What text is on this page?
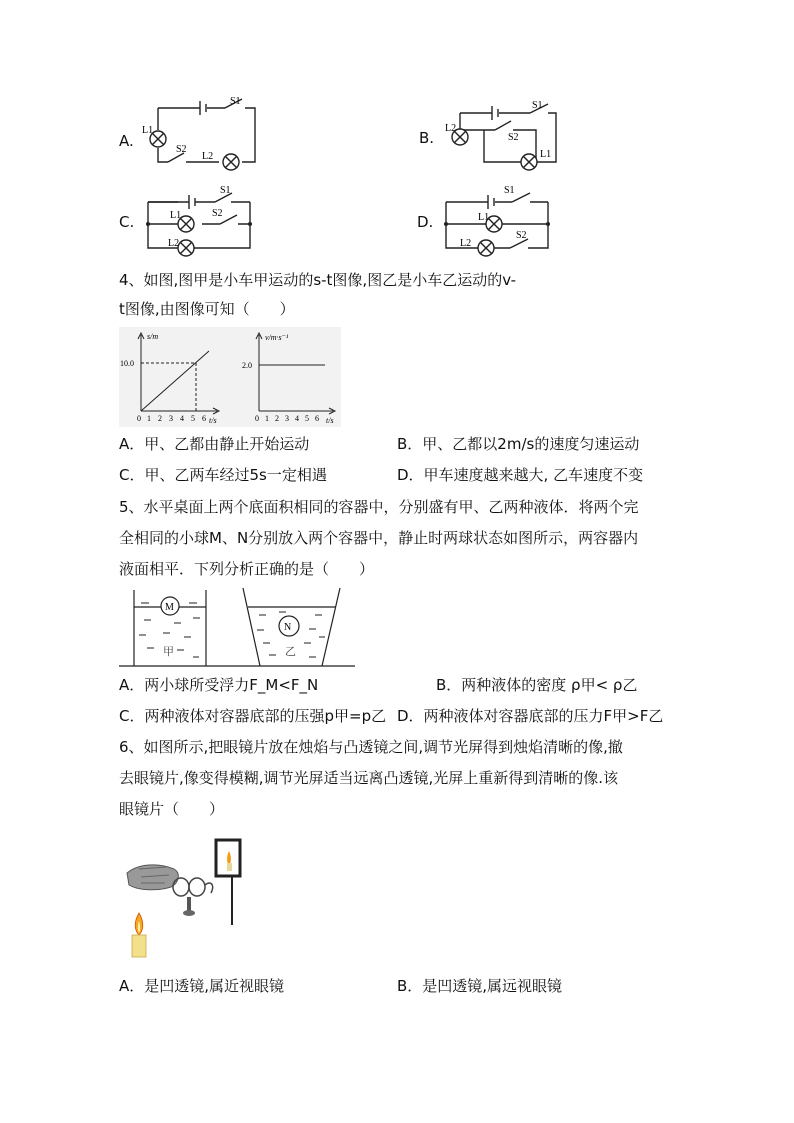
A.
S1
L1
S2
L2
B.
S1
L2
S2
L1
C.
S1
L1	S2
L2
D.
S1
L1
L2
S2
4、如图,图甲是小车甲运动的s-t图像,图乙是小车乙运动的v-
t图像,由图像可知（　　）
s/m
10.0
t/s
0 1 2 3 4 5 6
v/m·s⁻¹
2.0
t/s
0 1 2 3 4 5 6
A．甲、乙都由静止开始运动	B．甲、乙都以2m/s的速度匀速运动
C．甲、乙两车经过5s一定相遇	D．甲车速度越来越大, 乙车速度不变
5、水平桌面上两个底面积相同的容器中，分别盛有甲、乙两种液体．将两个完
全相同的小球M、N分别放入两个容器中，静止时两球状态如图所示，两容器内
液面相平．下列分析正确的是（　　）
M
N
甲	乙
A．两小球所受浮力F_M<F_N	B．两种液体的密度 ρ甲< ρ乙
C．两种液体对容器底部的压强p甲=p乙 D．两种液体对容器底部的压力F甲>F乙
6、如图所示,把眼镜片放在烛焰与凸透镜之间,调节光屏得到烛焰清晰的像,撤
去眼镜片,像变得模糊,调节光屏适当远离凸透镜,光屏上重新得到清晰的像.该
眼镜片（　　）
A．是凹透镜,属近视眼镜	B．是凹透镜,属远视眼镜
